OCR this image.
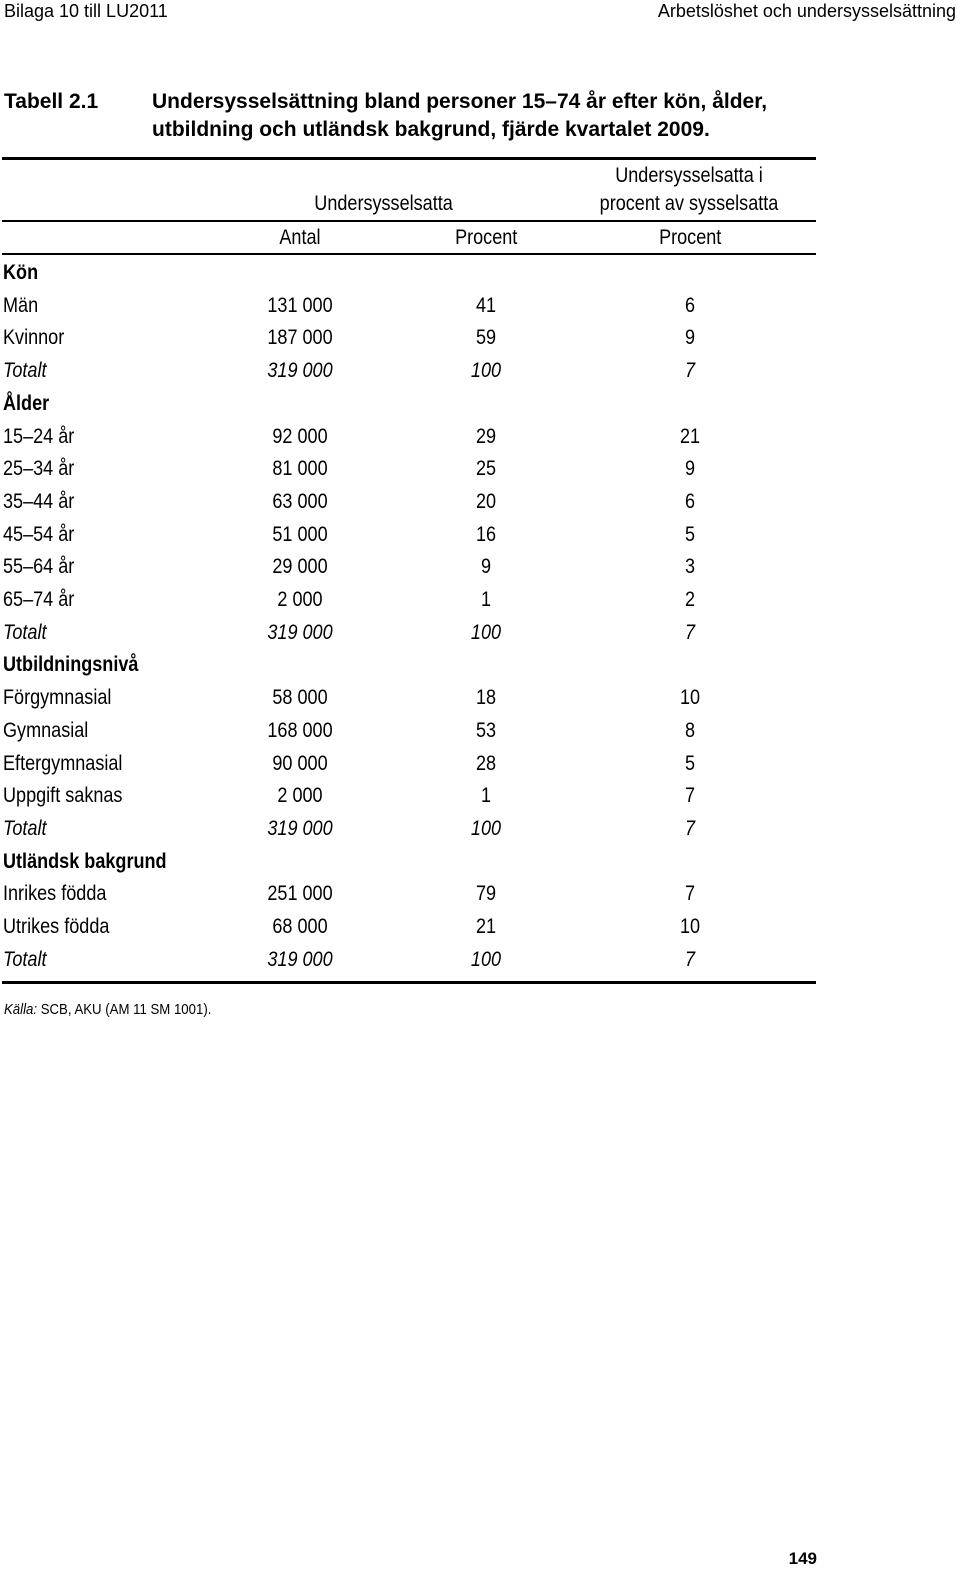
Bilaga 10 till LU2011	Arbetslöshet och undersysselsättning
Tabell 2.1	Undersysselsättning bland personer 15–74 år efter kön, ålder,
utbildning och utländsk bakgrund, fjärde kvartalet 2009.
Undersysselsatta
Undersysselsatta i
procent av sysselsatta
Antal	Procent	Procent
Kön
Män	131 000	41	6
Kvinnor	187 000	59	9
Totalt	319 000	100	7
Ålder
15–24 år	92 000	29	21
25–34 år	81 000	25	9
35–44 år	63 000	20	6
45–54 år	51 000	16	5
55–64 år	29 000	9	3
65–74 år	2 000	1	2
Totalt	319 000	100	7
Utbildningsnivå
Förgymnasial	58 000	18	10
Gymnasial	168 000	53	8
Eftergymnasial	90 000	28	5
Uppgift saknas	2 000	1	7
Totalt	319 000	100	7
Utländsk bakgrund
Inrikes födda	251 000	79	7
Utrikes födda	68 000	21	10
Totalt	319 000	100	7
Källa: SCB, AKU (AM 11 SM 1001).
149
